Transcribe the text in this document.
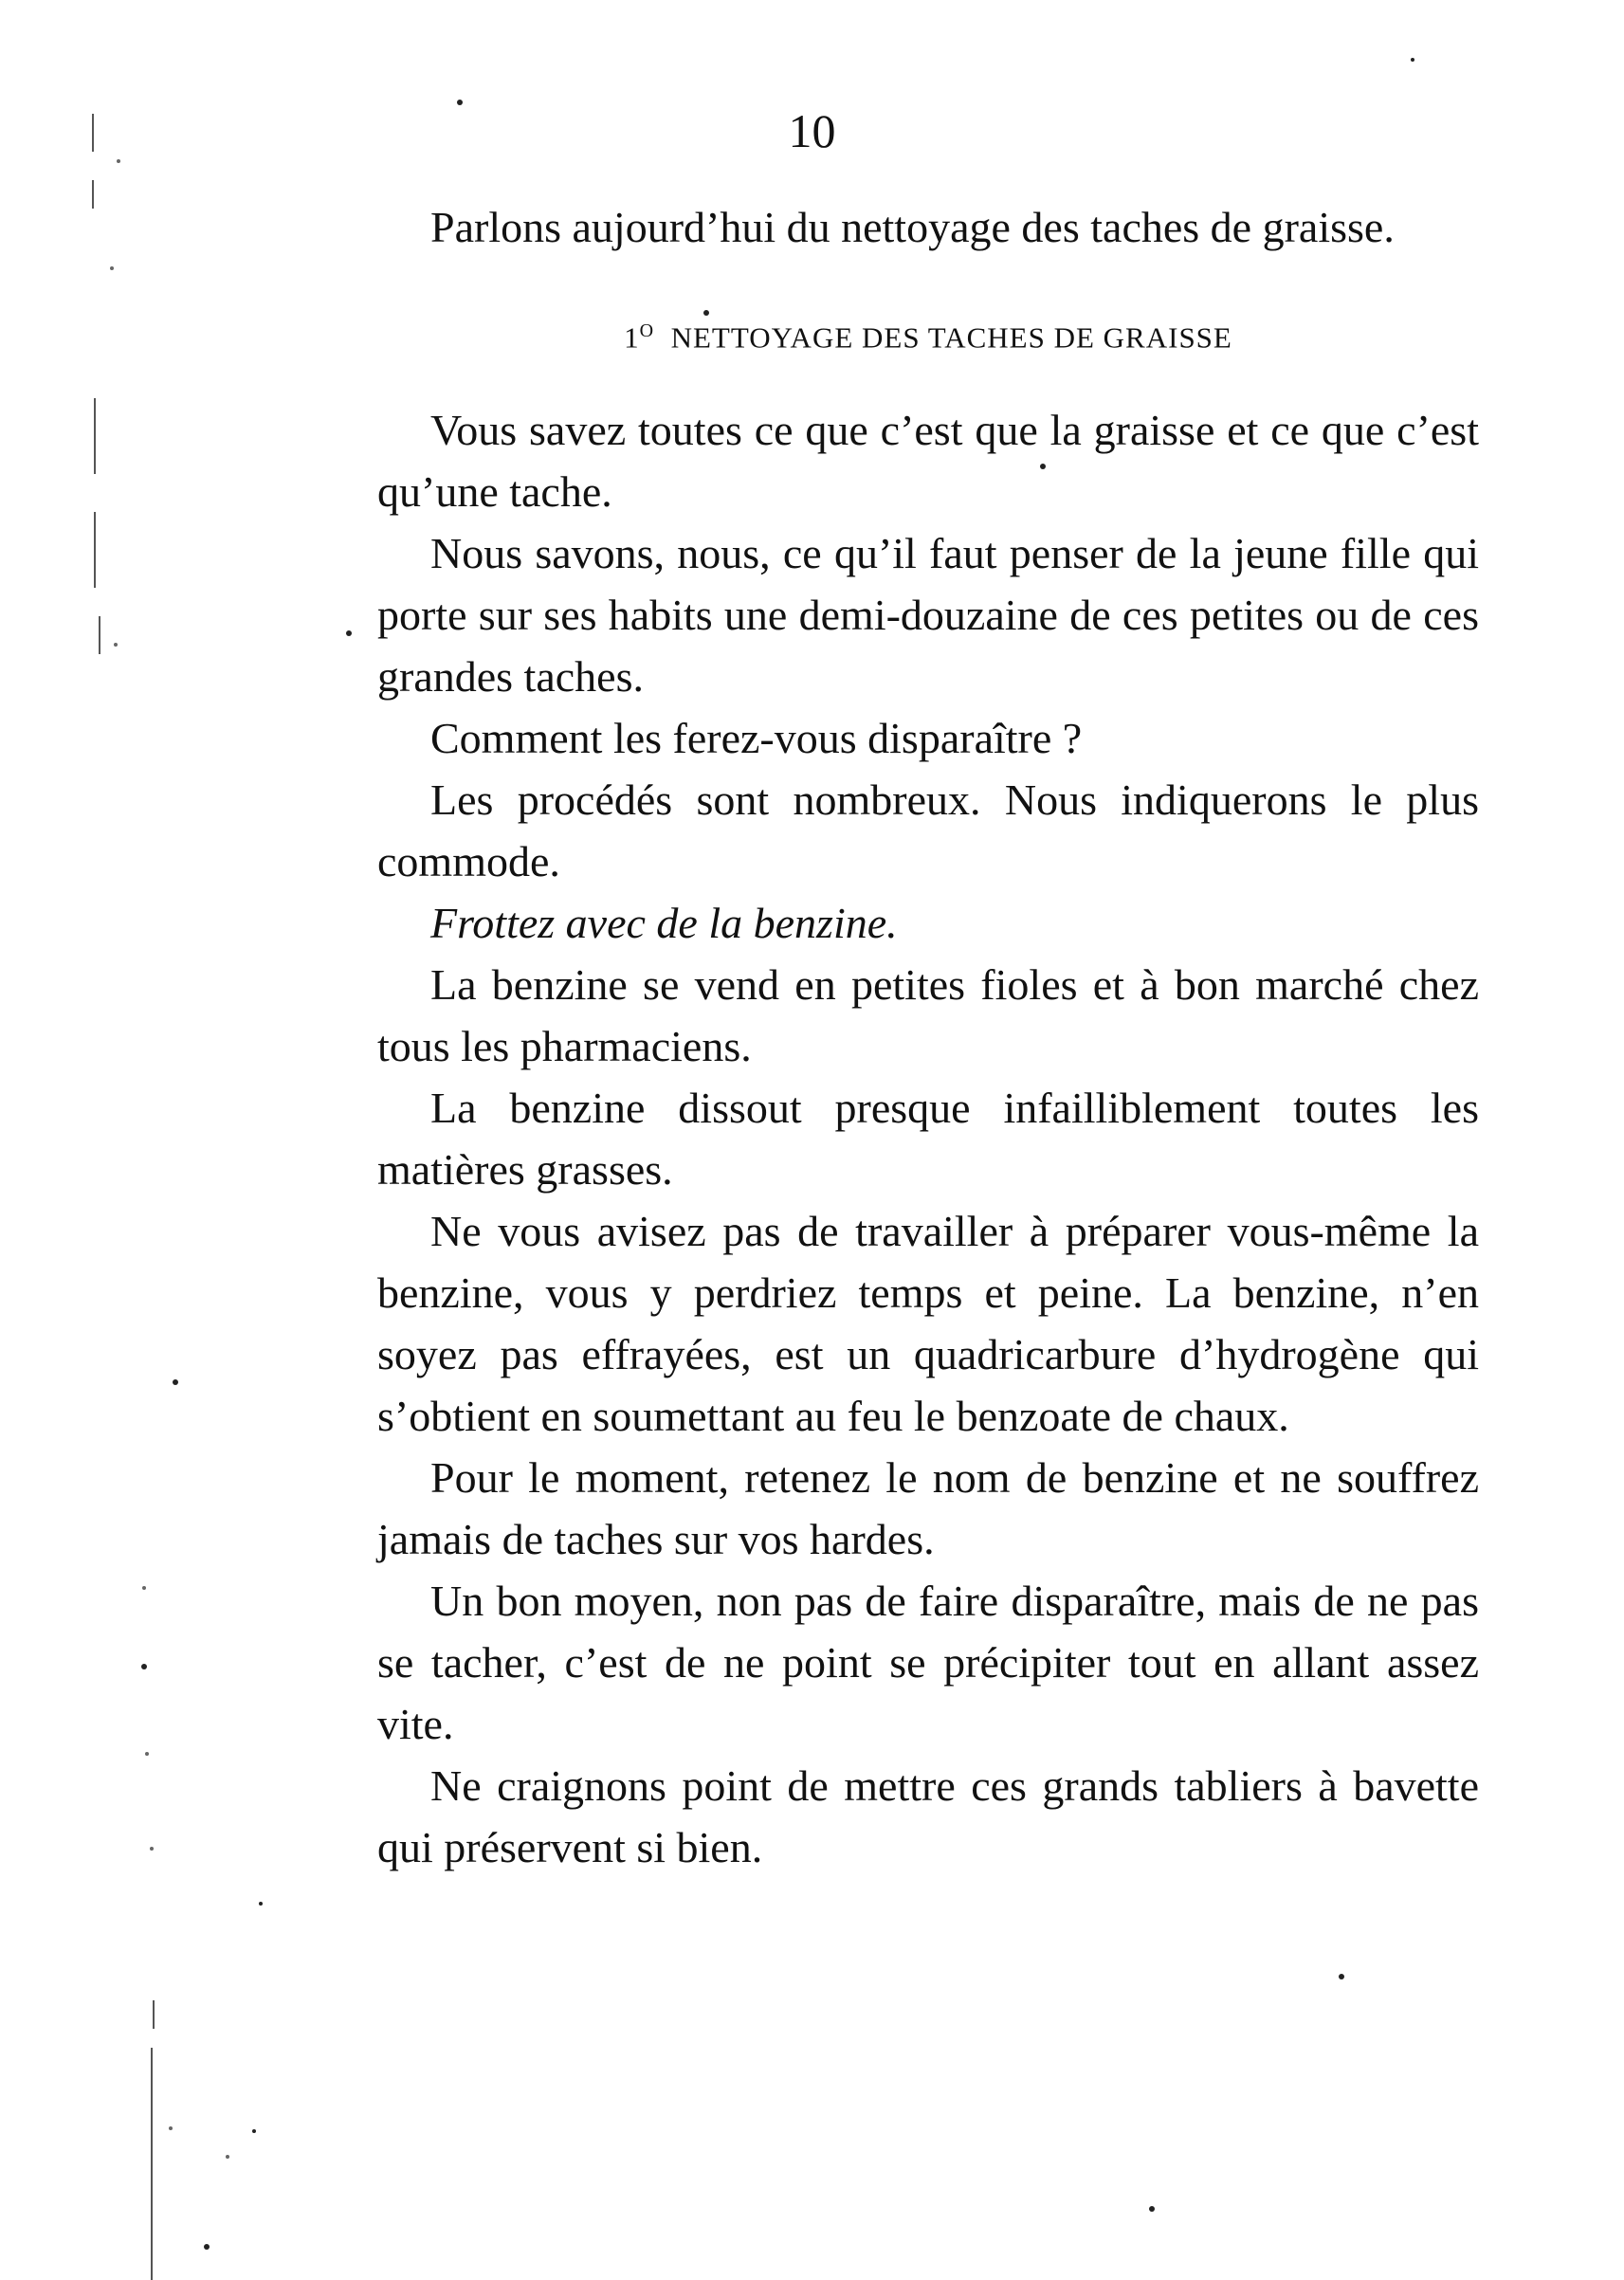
10

Parlons aujourd’hui du nettoyage des taches de graisse.

$1^O$ NETTOYAGE DES TACHES DE GRAISSE

Vous savez toutes ce que c’est que la graisse et ce que c’est qu’une tache.

Nous savons, nous, ce qu’il faut penser de la jeune fille qui porte sur ses habits une demi-douzaine de ces petites ou de ces grandes taches.

Comment les ferez-vous disparaître ?

Les procédés sont nombreux. Nous indiquerons le plus commode.

Frottez avec de la benzine.

La benzine se vend en petites fioles et à bon marché chez tous les pharmaciens.

La benzine dissout presque infailliblement toutes les matières grasses.

Ne vous avisez pas de travailler à préparer vous-même la benzine, vous y perdriez temps et peine. La benzine, n’en soyez pas effrayées, est un quadricarbure d’hydrogène qui s’obtient en soumettant au feu le benzoate de chaux.

Pour le moment, retenez le nom de benzine et ne souffrez jamais de taches sur vos hardes.

Un bon moyen, non pas de faire disparaître, mais de ne pas se tacher, c’est de ne point se précipiter tout en allant assez vite.

Ne craignons point de mettre ces grands tabliers à bavette qui préservent si bien.
